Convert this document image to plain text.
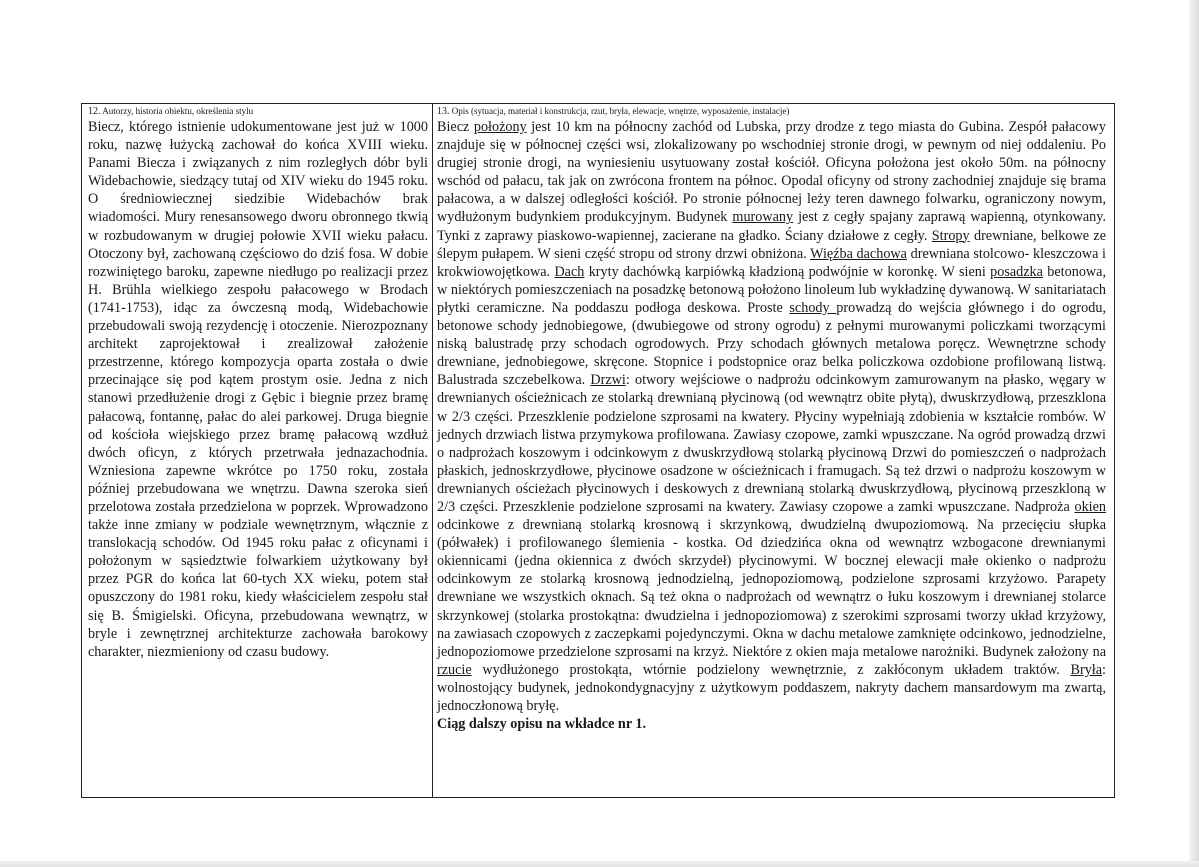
12. Autorzy, historia obiektu, określenia stylu

Biecz, którego istnienie udokumentowane jest już w 1000 roku, nazwę łużycką zachował do końca XVIII wieku. Panami Biecza i związanych z nim rozległych dóbr byli Widebachowie, siedzący tutaj od XIV wieku do 1945 roku. O średniowiecznej siedzibie Widebachów brak wiadomości. Mury renesansowego dworu obronnego tkwią w rozbudowanym w drugiej połowie XVII wieku pałacu. Otoczony był, zachowaną częściowo do dziś fosa. W dobie rozwiniętego baroku, zapewne niedługo po realizacji przez H. Brühla wielkiego zespołu pałacowego w Brodach (1741-1753), idąc za ówczesną modą, Widebachowie przebudowali swoją rezydencję i otoczenie. Nierozpoznany architekt zaprojektował i zrealizował założenie przestrzenne, którego kompozycja oparta została o dwie przecinające się pod kątem prostym osie. Jedna z nich stanowi przedłużenie drogi z Gębic i biegnie przez bramę pałacową, fontannę, pałac do alei parkowej. Druga biegnie od kościoła wiejskiego przez bramę pałacową wzdłuż dwóch oficyn, z których przetrwała jednazachodnia. Wzniesiona zapewne wkrótce po 1750 roku, została później przebudowana we wnętrzu. Dawna szeroka sień przelotowa została przedzielona w poprzek. Wprowadzono także inne zmiany w podziale wewnętrznym, włącznie z translokacją schodów. Od 1945 roku pałac z oficynami i położonym w sąsiedztwie folwarkiem użytkowany był przez PGR do końca lat 60-tych XX wieku, potem stał opuszczony do 1981 roku, kiedy właścicielem zespołu stał się B. Śmigielski. Oficyna, przebudowana wewnątrz, w bryle i zewnętrznej architekturze zachowała barokowy charakter, niezmieniony od czasu budowy.

13. Opis (sytuacja, materiał i konstrukcja, rzut, bryła, elewacje, wnętrze, wyposażenie, instalacje)

Biecz położony jest 10 km na północny zachód od Lubska, przy drodze z tego miasta do Gubina. Zespół pałacowy znajduje się w północnej części wsi, zlokalizowany po wschodniej stronie drogi, w pewnym od niej oddaleniu. Po drugiej stronie drogi, na wyniesieniu usytuowany został kościół. Oficyna położona jest około 50m. na północny wschód od pałacu, tak jak on zwrócona frontem na północ. Opodal oficyny od strony zachodniej znajduje się brama pałacowa, a w dalszej odległości kościół. Po stronie północnej leży teren dawnego folwarku, ograniczony nowym, wydłużonym budynkiem produkcyjnym. Budynek murowany jest z cegły spajany zaprawą wapienną, otynkowany. Tynki z zaprawy piaskowo-wapiennej, zacierane na gładko. Ściany działowe z cegły. Stropy drewniane, belkowe ze ślepym pułapem. W sieni część stropu od strony drzwi obniżona. Więźba dachowa drewniana stolcowo- kleszczowa i krokwiowojętkowa. Dach kryty dachówką karpiówką kładzioną podwójnie w koronkę. W sieni posadzka betonowa, w niektórych pomieszczeniach na posadzkę betonową położono linoleum lub wykładzinę dywanową. W sanitariatach płytki ceramiczne. Na poddaszu podłoga deskowa. Proste schody prowadzą do wejścia głównego i do ogrodu, betonowe schody jednobiegowe, (dwubiegowe od strony ogrodu) z pełnymi murowanymi policzkami tworzącymi niską balustradę przy schodach ogrodowych. Przy schodach głównych metalowa poręcz. Wewnętrzne schody drewniane, jednobiegowe, skręcone. Stopnice i podstopnice oraz belka policzkowa ozdobione profilowaną listwą. Balustrada szczebelkowa. Drzwi: otwory wejściowe o nadprożu odcinkowym zamurowanym na płasko, węgary w drewnianych ościeżnicach ze stolarką drewnianą płycinową (od wewnątrz obite płytą), dwuskrzydłową, przeszklona w 2/3 części. Przeszklenie podzielone szprosami na kwatery. Płyciny wypełniają zdobienia w kształcie rombów. W jednych drzwiach listwa przymykowa profilowana. Zawiasy czopowe, zamki wpuszczane. Na ogród prowadzą drzwi o nadprożach koszowym i odcinkowym z dwuskrzydłową stolarką płycinową Drzwi do pomieszczeń o nadprożach płaskich, jednoskrzydłowe, płycinowe osadzone w ościeżnicach i framugach. Są też drzwi o nadprożu koszowym w drewnianych ościeżach płycinowych i deskowych z drewnianą stolarką dwuskrzydłową, płycinową przeszkloną w 2/3 części. Przeszklenie podzielone szprosami na kwatery. Zawiasy czopowe a zamki wpuszczane. Nadproża okien odcinkowe z drewnianą stolarką krosnową i skrzynkową, dwudzielną dwupoziomową. Na przecięciu słupka (półwałek) i profilowanego ślemienia - kostka. Od dziedzińca okna od wewnątrz wzbogacone drewnianymi okiennicami (jedna okiennica z dwóch skrzydeł) płycinowymi. W bocznej elewacji małe okienko o nadprożu odcinkowym ze stolarką krosnową jednodzielną, jednopoziomową, podzielone szprosami krzyżowo. Parapety drewniane we wszystkich oknach. Są też okna o nadprożach od wewnątrz o łuku koszowym i drewnianej stolarce skrzynkowej (stolarka prostokątna: dwudzielna i jednopoziomowa) z szerokimi szprosami tworzy układ krzyżowy, na zawiasach czopowych z zaczepkami pojedynczymi. Okna w dachu metalowe zamknięte odcinkowo, jednodzielne, jednopoziomowe przedzielone szprosami na krzyż. Niektóre z okien maja metalowe narożniki. Budynek założony na rzucie wydłużonego prostokąta, wtórnie podzielony wewnętrznie, z zakłóconym układem traktów. Bryła: wolnostojący budynek, jednokondygnacyjny z użytkowym poddaszem, nakryty dachem mansardowym ma zwartą, jednoczłonową bryłę.

Ciąg dalszy opisu na wkładce nr 1.
